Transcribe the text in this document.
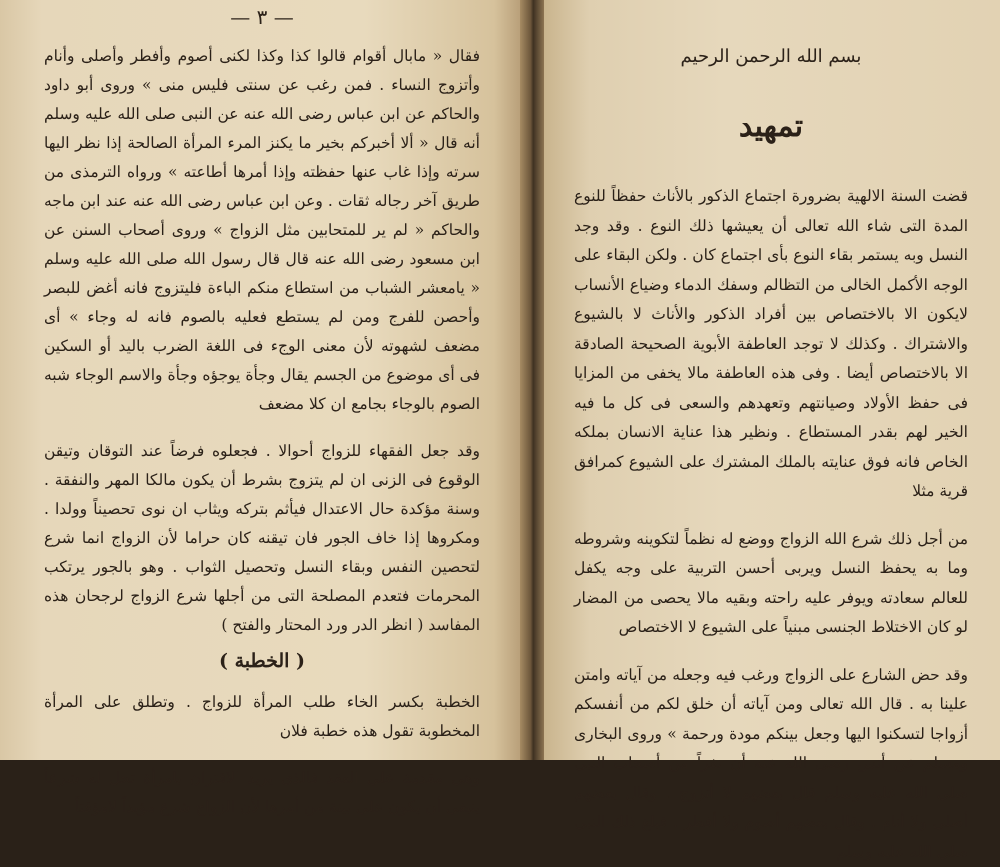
— ٣ —

فقال « مابال أقوام قالوا كذا وكذا لكنى أصوم وأفطر وأصلى وأنام وأتزوج النساء . فمن رغب عن سنتى فليس منى » وروى أبو داود والحاكم عن ابن عباس رضى الله عنه عن النبى صلى الله عليه وسلم أنه قال « ألا أخبركم بخير ما يكنز المرء المرأة الصالحة إذا نظر اليها سرته وإذا غاب عنها حفظته وإذا أمرها أطاعته » ورواه الترمذى من طريق آخر رجاله ثقات . وعن ابن عباس رضى الله عنه عند ابن ماجه والحاكم « لم ير للمتحابين مثل الزواج » وروى أصحاب السنن عن ابن مسعود رضى الله عنه قال قال رسول الله صلى الله عليه وسلم « يامعشر الشباب من استطاع منكم الباءة فليتزوج فانه أغض للبصر وأحصن للفرج ومن لم يستطع فعليه بالصوم فانه له وجاء » أى مضعف لشهوته لأن معنى الوجء فى اللغة الضرب باليد أو السكين فى أى موضوع من الجسم يقال وجأة يوجؤه وجأة والاسم الوجاء شبه الصوم بالوجاء بجامع ان كلا مضعف

وقد جعل الفقهاء للزواج أحوالا . فجعلوه فرضاً عند التوقان وتيقن الوقوع فى الزنى ان لم يتزوج بشرط أن يكون مالكا المهر والنفقة . وسنة مؤكدة حال الاعتدال فيأثم بتركه ويثاب ان نوى تحصيناً وولدا . ومكروها إذا خاف الجور فان تيقنه كان حراما لأن الزواج انما شرع لتحصين النفس وبقاء النسل وتحصيل الثواب . وهو بالجور يرتكب المحرمات فتعدم المصلحة التى من أجلها شرع الزواج لرجحان هذه المفاسد ( انظر الدر ورد المحتار والفتح )

( الخطبة )

الخطبة بكسر الخاء طلب المرأة للزواج . وتطلق على المرأة المخطوبة تقول هذه خطبة فلان

وهى مقدمة على العقد فالذى يريد الاقتران بامرأة تحل له شرعاً ينبغى أن يكون على بينة من أمرها لأن الزواج شرع مؤبداً لامؤقتاً

بسم الله الرحمن الرحيم
تمهيد

قضت السنة الالهية بضرورة اجتماع الذكور بالأناث حفظاً للنوع المدة التى شاء الله تعالى أن يعيشها ذلك النوع . وقد وجد النسل وبه يستمر بقاء النوع بأى اجتماع كان . ولكن البقاء على الوجه الأكمل الخالى من التظالم وسفك الدماء وضياع الأنساب لايكون الا بالاختصاص بين أفراد الذكور والأناث لا بالشيوع والاشتراك . وكذلك لا توجد العاطفة الأبوية الصحيحة الصادقة الا بالاختصاص أيضا . وفى هذه العاطفة مالا يخفى من المزايا فى حفظ الأولاد وصيانتهم وتعهدهم والسعى فى كل ما فيه الخير لهم بقدر المستطاع . ونظير هذا عناية الانسان بملكه الخاص فانه فوق عنايته بالملك المشترك على الشيوع كمرافق قرية مثلا

من أجل ذلك شرع الله الزواج ووضع له نظماً لتكوينه وشروطه وما به يحفظ النسل ويربى أحسن التربية على وجه يكفل للعالم سعادته ويوفر عليه راحته وبقيه مالا يحصى من المضار لو كان الاختلاط الجنسى مبنياً على الشيوع لا الاختصاص

وقد حض الشارع على الزواج ورغب فيه وجعله من آياته وامتن علينا به . قال الله تعالى ومن آياته أن خلق لكم من أنفسكم أزواجا لتسكنوا اليها وجعل بينكم مودة ورحمة » وروى البخارى ومسلم عن أنس رضى الله عنه أن نفراً من أصحاب النبى صلى الله عليه وسلم قال بعضهم لا أتزوج . وقال بعضهم أصلى ولا أنام . وقال بعضهم أصوم ولا أفطر . فبلغ ذلك النبى صلى الله عليه وسلم
